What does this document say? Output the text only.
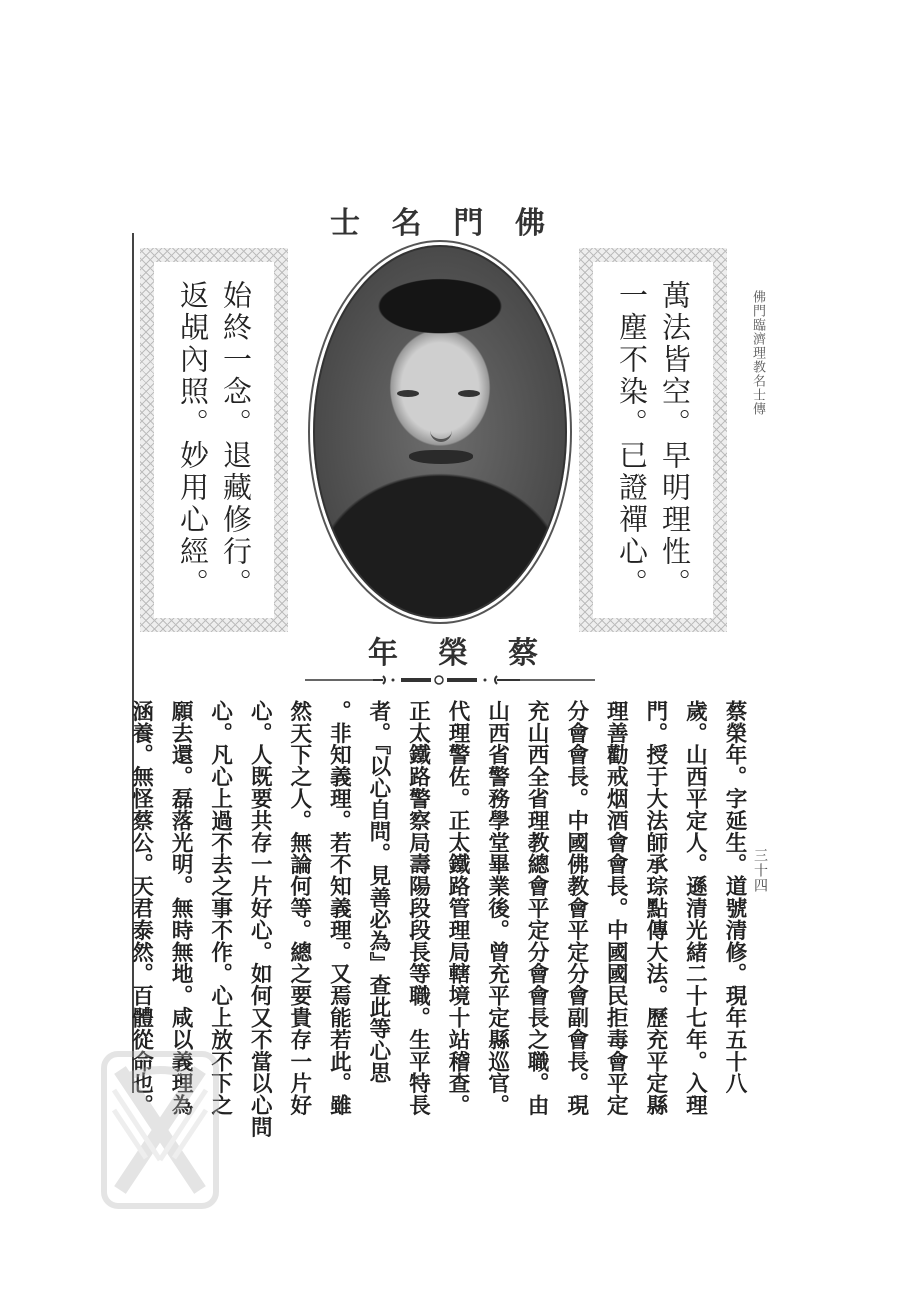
佛
門
名
士
佛門臨濟理教名士傳
三十四
始終一念。退藏修行。
返覘內照。妙用心經。	萬法皆空。早明理性。
一塵不染。已證禪心。
蔡
榮
年
蔡榮年。字延生。道號清修。現年五十八
歲。山西平定人。遜清光緒二十七年。入理
門。授于大法師承琮點傳大法。歷充平定縣
理善勸戒烟酒會會長。中國國民拒毒會平定
分會會長。中國佛教會平定分會副會長。現
充山西全省理教總會平定分會會長之職。由
山西省警務學堂畢業後。曾充平定縣巡官。
代理警佐。正太鐵路管理局轄境十站稽查。
正太鐵路警察局壽陽段段長等職。生平特長
者。『以心自問。見善必為』查此等心思
。非知義理。若不知義理。又焉能若此。雖
然天下之人。無論何等。總之要貴存一片好
心。人既要共存一片好心。如何又不當以心問
心。凡心上過不去之事不作。心上放不下之
願去還。磊落光明。無時無地。咸以義理為
涵養。無怪蔡公。天君泰然。百體從命也。
